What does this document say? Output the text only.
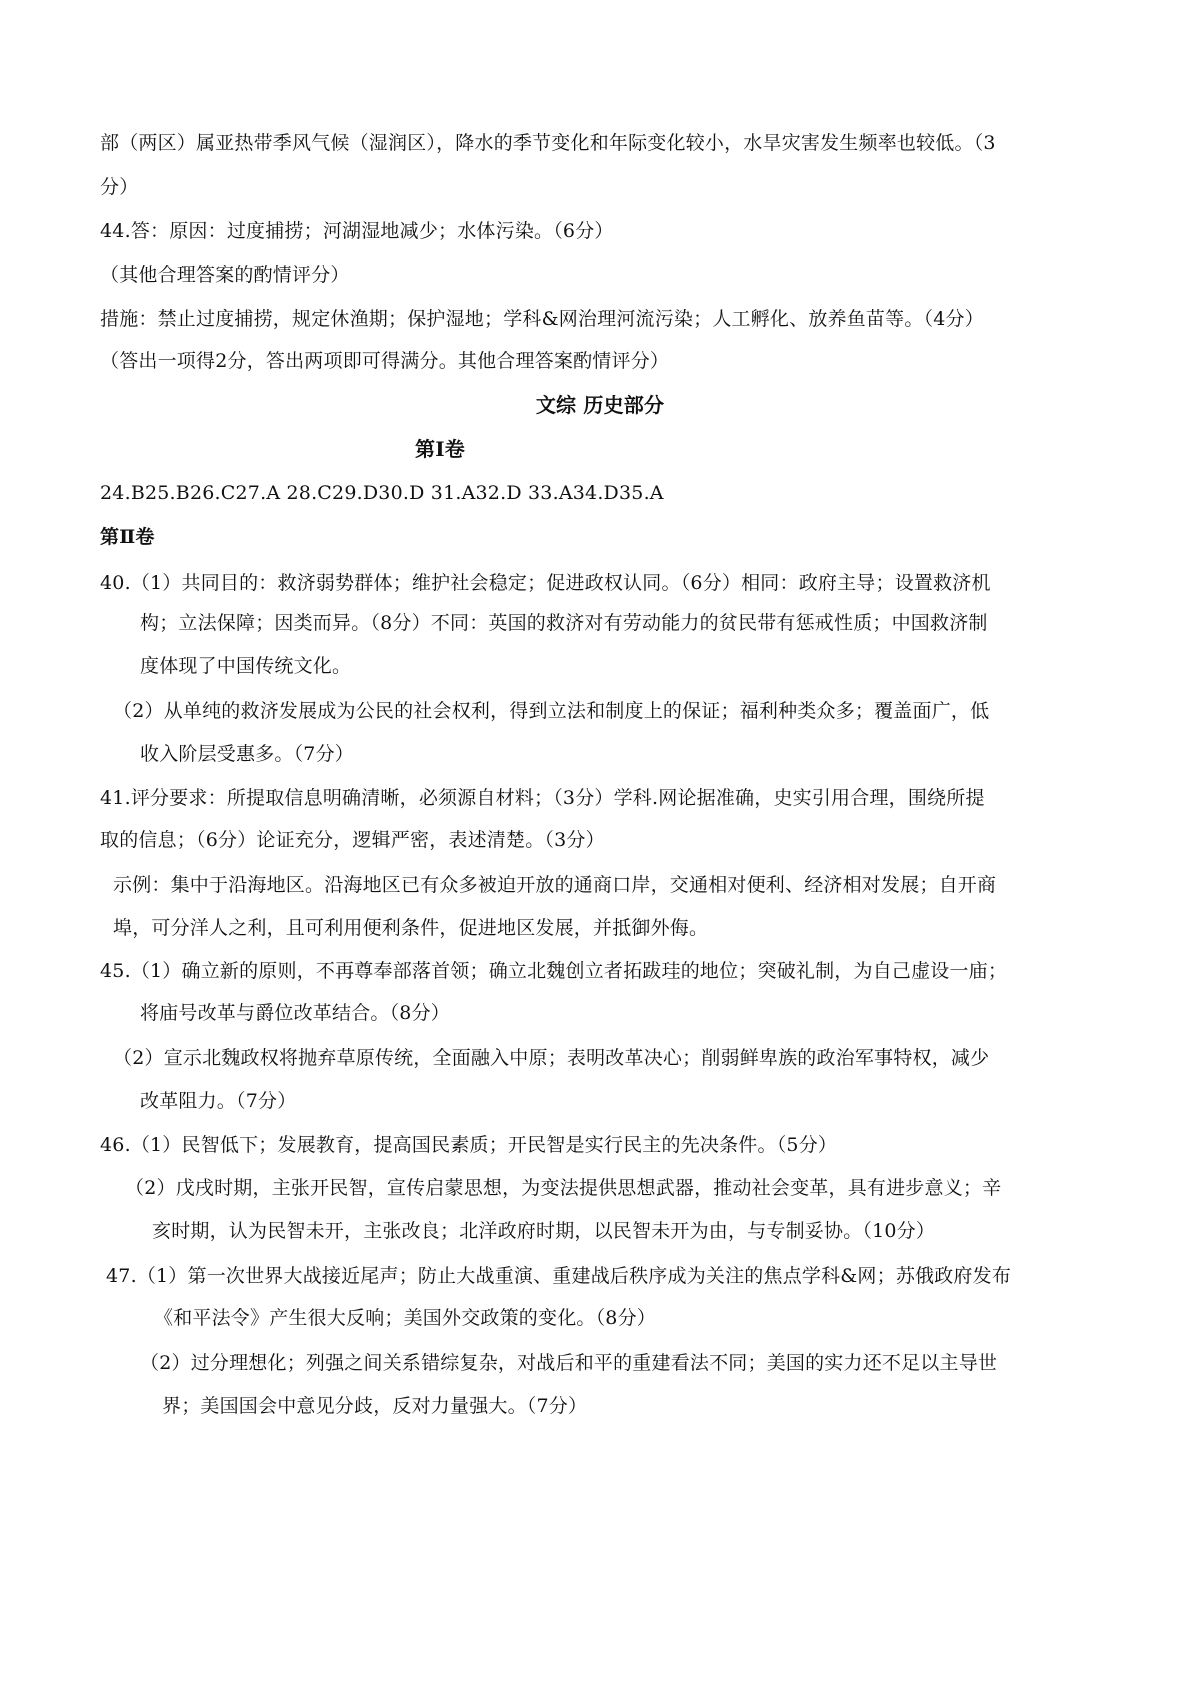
部（两区）属亚热带季风气候（湿润区），降水的季节变化和年际变化较小，水旱灾害发生频率也较低。（3
分）
44.答：原因：过度捕捞；河湖湿地减少；水体污染。（6分）
（其他合理答案的酌情评分）
措施：禁止过度捕捞，规定休渔期；保护湿地；学科&网治理河流污染；人工孵化、放养鱼苗等。（4分）
（答出一项得2分，答出两项即可得满分。其他合理答案酌情评分）
文综 历史部分
第Ⅰ卷
24.B25.B26.C27.A 28.C29.D30.D 31.A32.D 33.A34.D35.A
第Ⅱ卷
40.（1）共同目的：救济弱势群体；维护社会稳定；促进政权认同。（6分）相同：政府主导；设置救济机
构；立法保障；因类而异。（8分）不同：英国的救济对有劳动能力的贫民带有惩戒性质；中国救济制
度体现了中国传统文化。
（2）从单纯的救济发展成为公民的社会权利，得到立法和制度上的保证；福利种类众多；覆盖面广，低
收入阶层受惠多。（7分）
41.评分要求：所提取信息明确清晰，必须源自材料；（3分）学科.网论据准确，史实引用合理，围绕所提
取的信息；（6分）论证充分，逻辑严密，表述清楚。（3分）
示例：集中于沿海地区。沿海地区已有众多被迫开放的通商口岸，交通相对便利、经济相对发展；自开商
埠，可分洋人之利，且可利用便利条件，促进地区发展，并抵御外侮。
45.（1）确立新的原则，不再尊奉部落首领；确立北魏创立者拓跋珪的地位；突破礼制，为自己虚设一庙；
将庙号改革与爵位改革结合。（8分）
（2）宣示北魏政权将抛弃草原传统，全面融入中原；表明改革决心；削弱鲜卑族的政治军事特权，减少
改革阻力。（7分）
46.（1）民智低下；发展教育，提高国民素质；开民智是实行民主的先决条件。（5分）
（2）戊戌时期，主张开民智，宣传启蒙思想，为变法提供思想武器，推动社会变革，具有进步意义；辛
亥时期，认为民智未开，主张改良；北洋政府时期，以民智未开为由，与专制妥协。（10分）
47.（1）第一次世界大战接近尾声；防止大战重演、重建战后秩序成为关注的焦点学科&网；苏俄政府发布
《和平法令》产生很大反响；美国外交政策的变化。（8分）
（2）过分理想化；列强之间关系错综复杂，对战后和平的重建看法不同；美国的实力还不足以主导世
界；美国国会中意见分歧，反对力量强大。（7分）
